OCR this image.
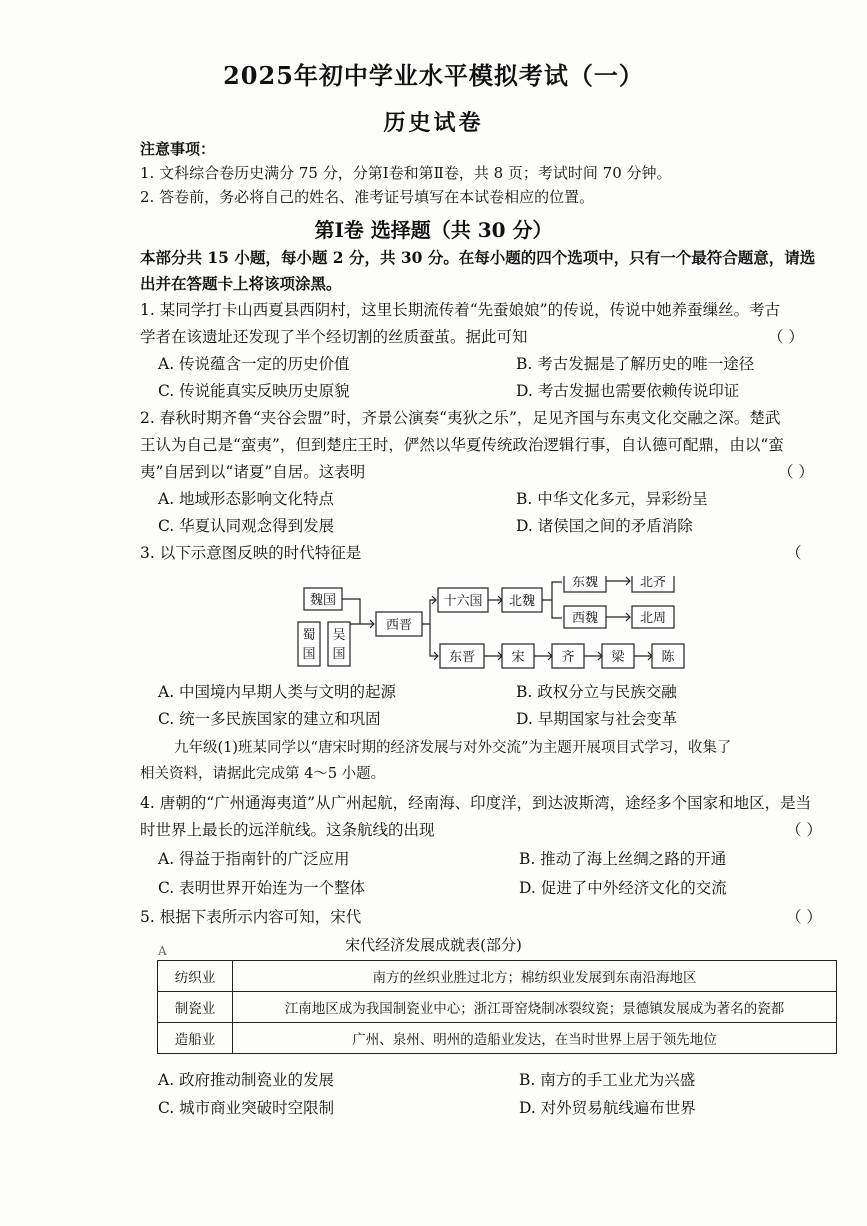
2025年初中学业水平模拟考试（一）
历史试卷
注意事项：
1. 文科综合卷历史满分 75 分，分第Ⅰ卷和第Ⅱ卷，共 8 页；考试时间 70 分钟。
2. 答卷前，务必将自己的姓名、准考证号填写在本试卷相应的位置。
第Ⅰ卷 选择题（共 30 分）
本部分共 15 小题，每小题 2 分，共 30 分。在每小题的四个选项中，只有一个最符合题意，请选
出并在答题卡上将该项涂黑。
1. 某同学打卡山西夏县西阴村，这里长期流传着“先蚕娘娘”的传说，传说中她养蚕缫丝。考古
学者在该遗址还发现了半个经切割的丝质蚕茧。据此可知	（ ）
A. 传说蕴含一定的历史价值	B. 考古发掘是了解历史的唯一途径
C. 传说能真实反映历史原貌	D. 考古发掘也需要依赖传说印证
2. 春秋时期齐鲁“夹谷会盟”时，齐景公演奏“夷狄之乐”，足见齐国与东夷文化交融之深。楚武
王认为自己是“蛮夷”，但到楚庄王时，俨然以华夏传统政治逻辑行事，自认德可配鼎，由以“蛮
夷”自居到以“诸夏”自居。这表明	（ ）
A. 地域形态影响文化特点	B. 中华文化多元，异彩纷呈
C. 华夏认同观念得到发展	D. 诸侯国之间的矛盾消除
3. 以下示意图反映的时代特征是	（
魏国
蜀
国
吴
国
西晋
十六国 北魏
东魏
西魏
北齐
北周
东晋	宋	齐	梁	陈
A. 中国境内早期人类与文明的起源	B. 政权分立与民族交融
C. 统一多民族国家的建立和巩固	D. 早期国家与社会变革
九年级(1)班某同学以“唐宋时期的经济发展与对外交流”为主题开展项目式学习，收集了
相关资料，请据此完成第 4～5 小题。
4. 唐朝的“广州通海夷道”从广州起航，经南海、印度洋，到达波斯湾，途经多个国家和地区，是当
时世界上最长的远洋航线。这条航线的出现	（ ）
A. 得益于指南针的广泛应用	B. 推动了海上丝绸之路的开通
C. 表明世界开始连为一个整体	D. 促进了中外经济文化的交流
5. 根据下表所示内容可知，宋代	（ ）
宋代经济发展成就表(部分)
A
纺织业	南方的丝织业胜过北方；棉纺织业发展到东南沿海地区
制瓷业	江南地区成为我国制瓷业中心；浙江哥窑烧制冰裂纹瓷；景德镇发展成为著名的瓷都
造船业	广州、泉州、明州的造船业发达，在当时世界上居于领先地位
A. 政府推动制瓷业的发展	B. 南方的手工业尤为兴盛
C. 城市商业突破时空限制	D. 对外贸易航线遍布世界
